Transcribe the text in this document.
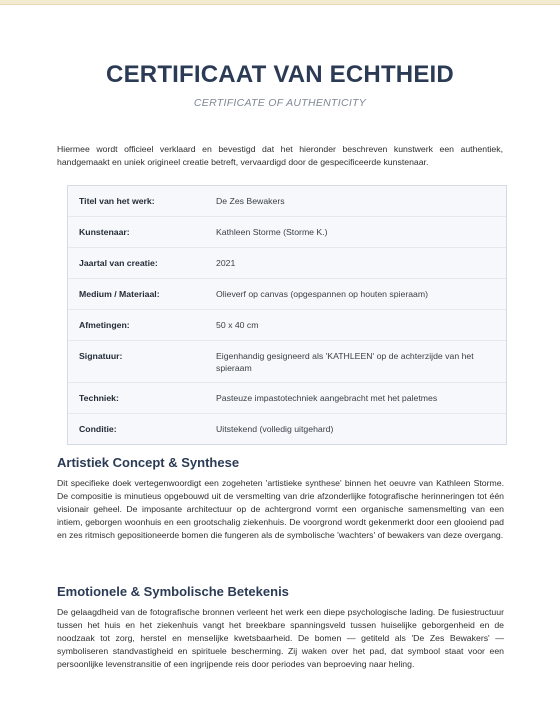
CERTIFICAAT VAN ECHTHEID
CERTIFICATE OF AUTHENTICITY
Hiermee wordt officieel verklaard en bevestigd dat het hieronder beschreven kunstwerk een authentiek, handgemaakt en uniek origineel creatie betreft, vervaardigd door de gespecificeerde kunstenaar.
Titel van het werk:	De Zes Bewakers
Kunstenaar:	Kathleen Storme (Storme K.)
Jaartal van creatie:	2021
Medium / Materiaal:	Olieverf op canvas (opgespannen op houten spieraam)
Afmetingen:	50 x 40 cm
Signatuur:	Eigenhandig gesigneerd als 'KATHLEEN' op de achterzijde van het spieraam
Techniek:	Pasteuze impastotechniek aangebracht met het paletmes
Conditie:	Uitstekend (volledig uitgehard)
Artistiek Concept & Synthese
Dit specifieke doek vertegenwoordigt een zogeheten 'artistieke synthese' binnen het oeuvre van Kathleen Storme. De compositie is minutieus opgebouwd uit de versmelting van drie afzonderlijke fotografische herinneringen tot één visionair geheel. De imposante architectuur op de achtergrond vormt een organische samensmelting van een intiem, geborgen woonhuis en een grootschalig ziekenhuis. De voorgrond wordt gekenmerkt door een glooiend pad en zes ritmisch gepositioneerde bomen die fungeren als de symbolische 'wachters' of bewakers van deze overgang.
Emotionele & Symbolische Betekenis
De gelaagdheid van de fotografische bronnen verleent het werk een diepe psychologische lading. De fusiestructuur tussen het huis en het ziekenhuis vangt het breekbare spanningsveld tussen huiselijke geborgenheid en de noodzaak tot zorg, herstel en menselijke kwetsbaarheid. De bomen — getiteld als 'De Zes Bewakers' — symboliseren standvastigheid en spirituele bescherming. Zij waken over het pad, dat symbool staat voor een persoonlijke levenstransitie of een ingrijpende reis door periodes van beproeving naar heling.
